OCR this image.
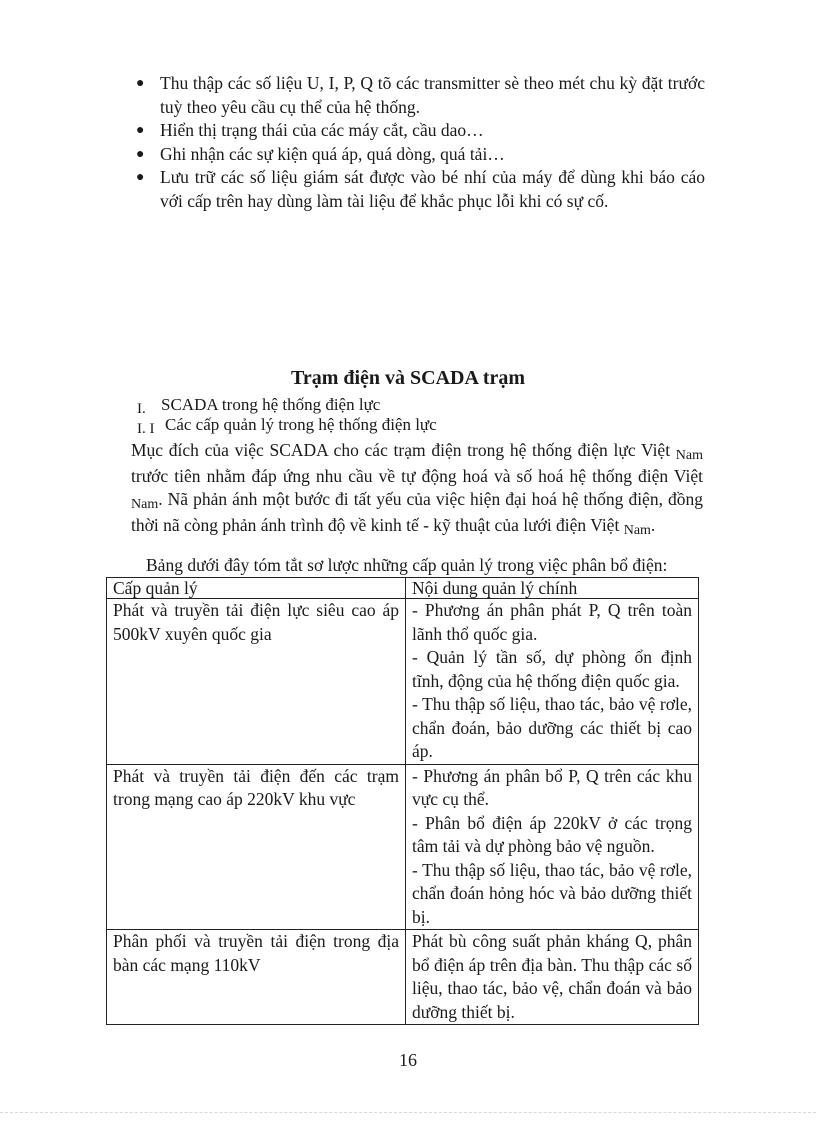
● Thu thập các số liệu U, I, P, Q tõ các transmitter sè theo mét chu kỳ đặt trước tuỳ theo yêu cầu cụ thể của hệ thống.
● Hiển thị trạng thái của các máy cắt, cầu dao…
● Ghi nhận các sự kiện quá áp, quá dòng, quá tải…
● Lưu trữ các số liệu giám sát được vào bé nhí của máy để dùng khi báo cáo với cấp trên hay dùng làm tài liệu để khắc phục lỗi khi có sự cố.
Trạm điện và SCADA trạm
I. SCADA trong hệ thống điện lực
I. I Các cấp quản lý trong hệ thống điện lực

Mục đích của việc SCADA cho các trạm điện trong hệ thống điện lực Việt Nam trước tiên nhằm đáp ứng nhu cầu về tự động hoá và số hoá hệ thống điện Việt Nam. Nã phản ánh một bước đi tất yếu của việc hiện đại hoá hệ thống điện, đồng thời nã còng phản ánh trình độ về kinh tế - kỹ thuật của lưới điện Việt Nam.

Bảng dưới đây tóm tắt sơ lược những cấp quản lý trong việc phân bổ điện:
Cấp quản lý	Nội dung quản lý chính
Phát và truyền tải điện lực siêu cao áp 500kV xuyên quốc gia	- Phương án phân phát P, Q trên toàn lãnh thổ quốc gia.
- Quản lý tần số, dự phòng ổn định tĩnh, động của hệ thống điện quốc gia.
- Thu thập số liệu, thao tác, bảo vệ rơle, chẩn đoán, bảo dưỡng các thiết bị cao áp.

Phát và truyền tải điện đến các trạm trong mạng cao áp 220kV khu vực	- Phương án phân bổ P, Q trên các khu vực cụ thể.
- Phân bổ điện áp 220kV ở các trọng tâm tải và dự phòng bảo vệ nguồn.
- Thu thập số liệu, thao tác, bảo vệ rơle, chẩn đoán hỏng hóc và bảo dưỡng thiết bị.

Phân phối và truyền tải điện trong địa bàn các mạng 110kV	Phát bù công suất phản kháng Q, phân bổ điện áp trên địa bàn. Thu thập các số liệu, thao tác, bảo vệ, chẩn đoán và bảo dưỡng thiết bị.
16
